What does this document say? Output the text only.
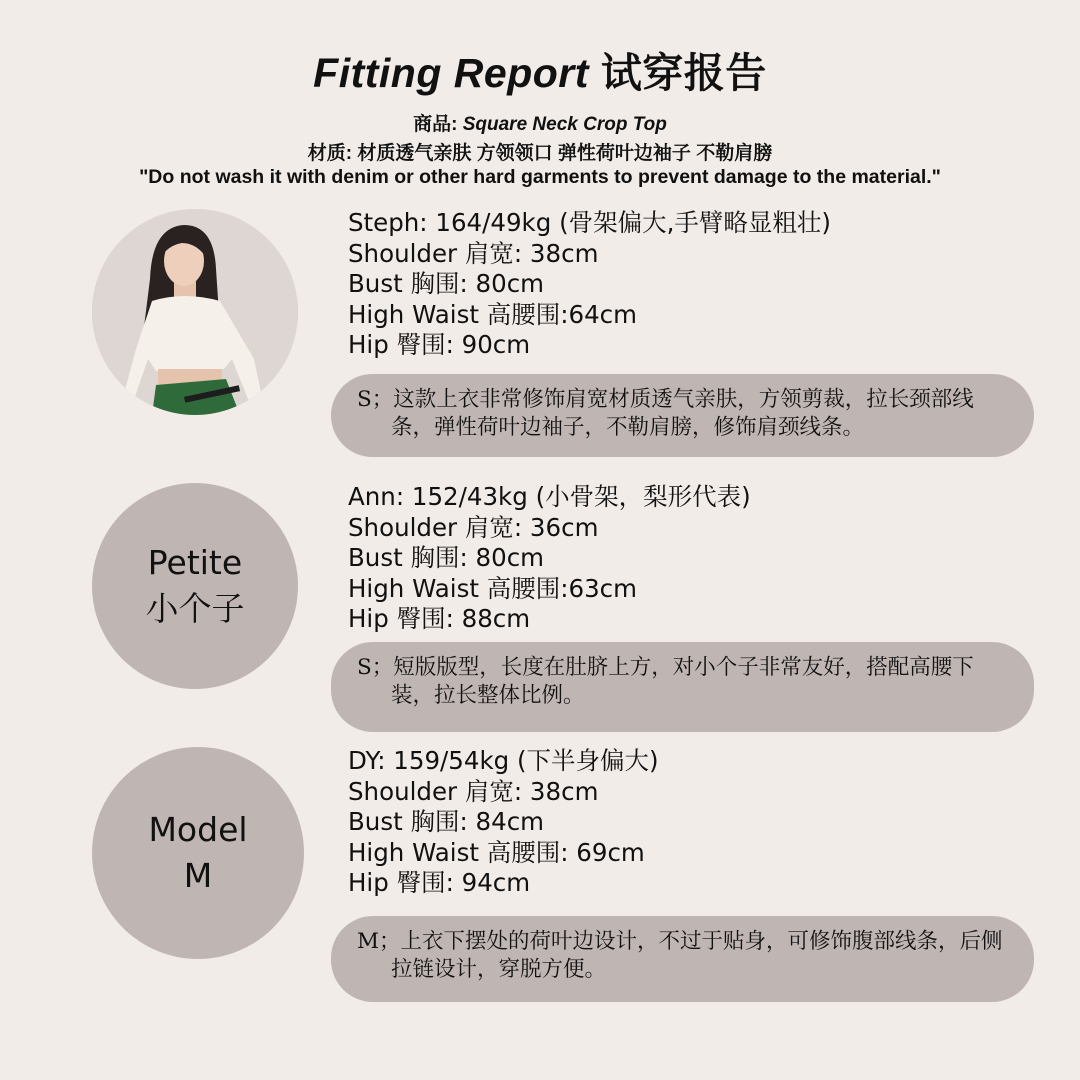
Fitting Report 试穿报告
商品: Square Neck Crop Top
材质: 材质透气亲肤 方领领口 弹性荷叶边袖子 不勒肩膀
"Do not wash it with denim or other hard garments to prevent damage to the material."
Steph: 164/49kg (骨架偏大,手臂略显粗壮)
Shoulder 肩宽: 38cm
Bust 胸围: 80cm
High Waist 高腰围:64cm
Hip 臀围: 90cm
S；这款上衣非常修饰肩宽材质透气亲肤，方领剪裁，拉长颈部线条，弹性荷叶边袖子，不勒肩膀，修饰肩颈线条。
Petite
小个子
Ann: 152/43kg (小骨架，梨形代表)
Shoulder 肩宽: 36cm
Bust 胸围: 80cm
High Waist 高腰围:63cm
Hip 臀围: 88cm
S；短版版型，长度在肚脐上方，对小个子非常友好，搭配高腰下装，拉长整体比例。
Model
M
DY: 159/54kg (下半身偏大)
Shoulder 肩宽: 38cm
Bust 胸围: 84cm
High Waist 高腰围: 69cm
Hip 臀围: 94cm
M；上衣下摆处的荷叶边设计，不过于贴身，可修饰腹部线条，后侧拉链设计，穿脱方便。
